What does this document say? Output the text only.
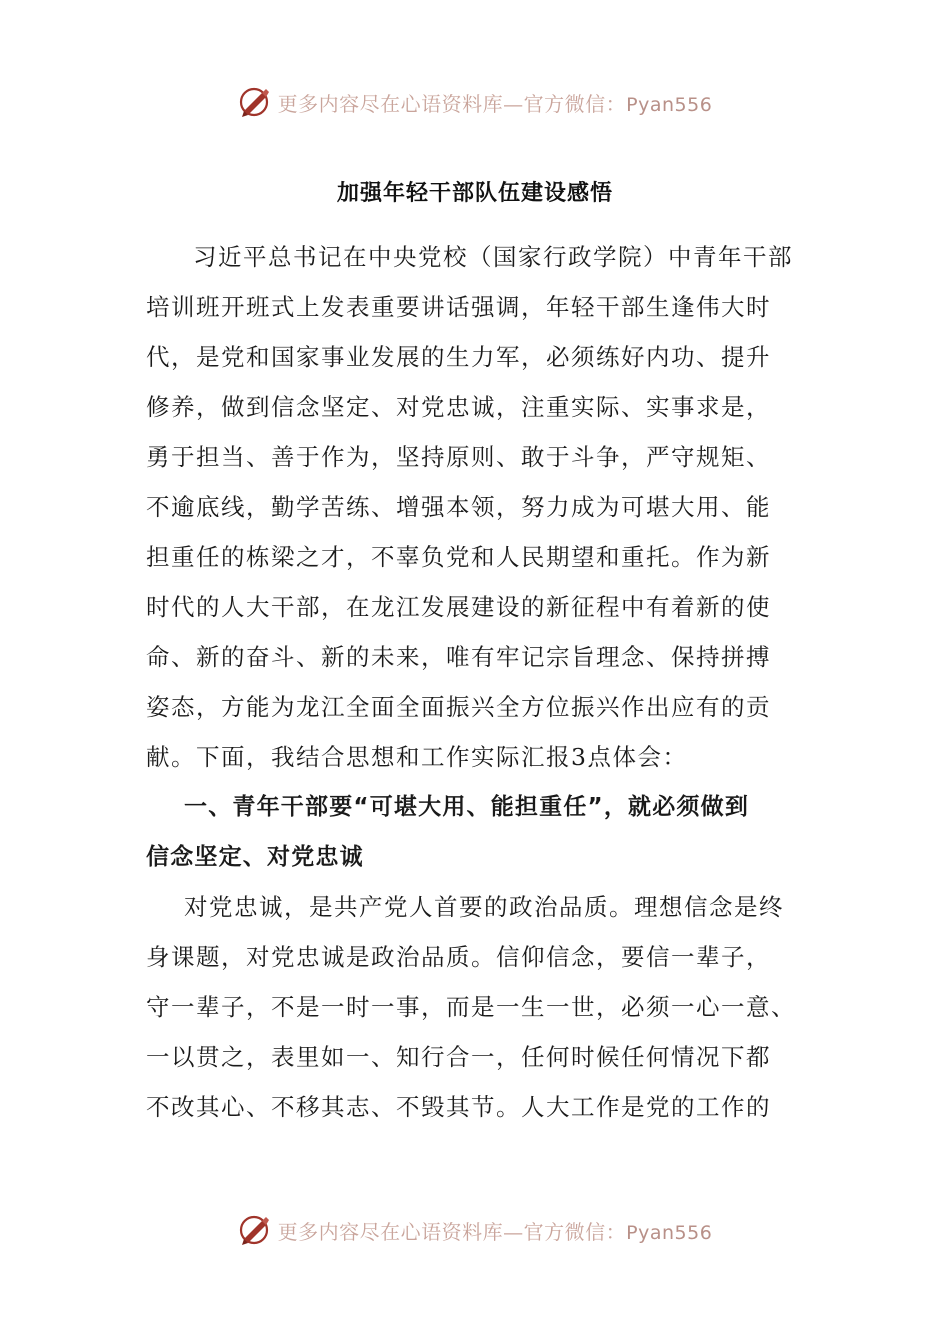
更多内容尽在心语资料库—官方微信：Pyan556
加强年轻干部队伍建设感悟
习近平总书记在中央党校（国家行政学院）中青年干部
培训班开班式上发表重要讲话强调，年轻干部生逢伟大时
代，是党和国家事业发展的生力军，必须练好内功、提升
修养，做到信念坚定、对党忠诚，注重实际、实事求是，
勇于担当、善于作为，坚持原则、敢于斗争，严守规矩、
不逾底线，勤学苦练、增强本领，努力成为可堪大用、能
担重任的栋梁之才，不辜负党和人民期望和重托。作为新
时代的人大干部，在龙江发展建设的新征程中有着新的使
命、新的奋斗、新的未来，唯有牢记宗旨理念、保持拼搏
姿态，方能为龙江全面全面振兴全方位振兴作出应有的贡
献。下面，我结合思想和工作实际汇报3点体会：
一、青年干部要“可堪大用、能担重任”，就必须做到
信念坚定、对党忠诚
对党忠诚，是共产党人首要的政治品质。理想信念是终
身课题，对党忠诚是政治品质。信仰信念，要信一辈子，
守一辈子，不是一时一事，而是一生一世，必须一心一意、
一以贯之，表里如一、知行合一，任何时候任何情况下都
不改其心、不移其志、不毁其节。人大工作是党的工作的
更多内容尽在心语资料库—官方微信：Pyan556
